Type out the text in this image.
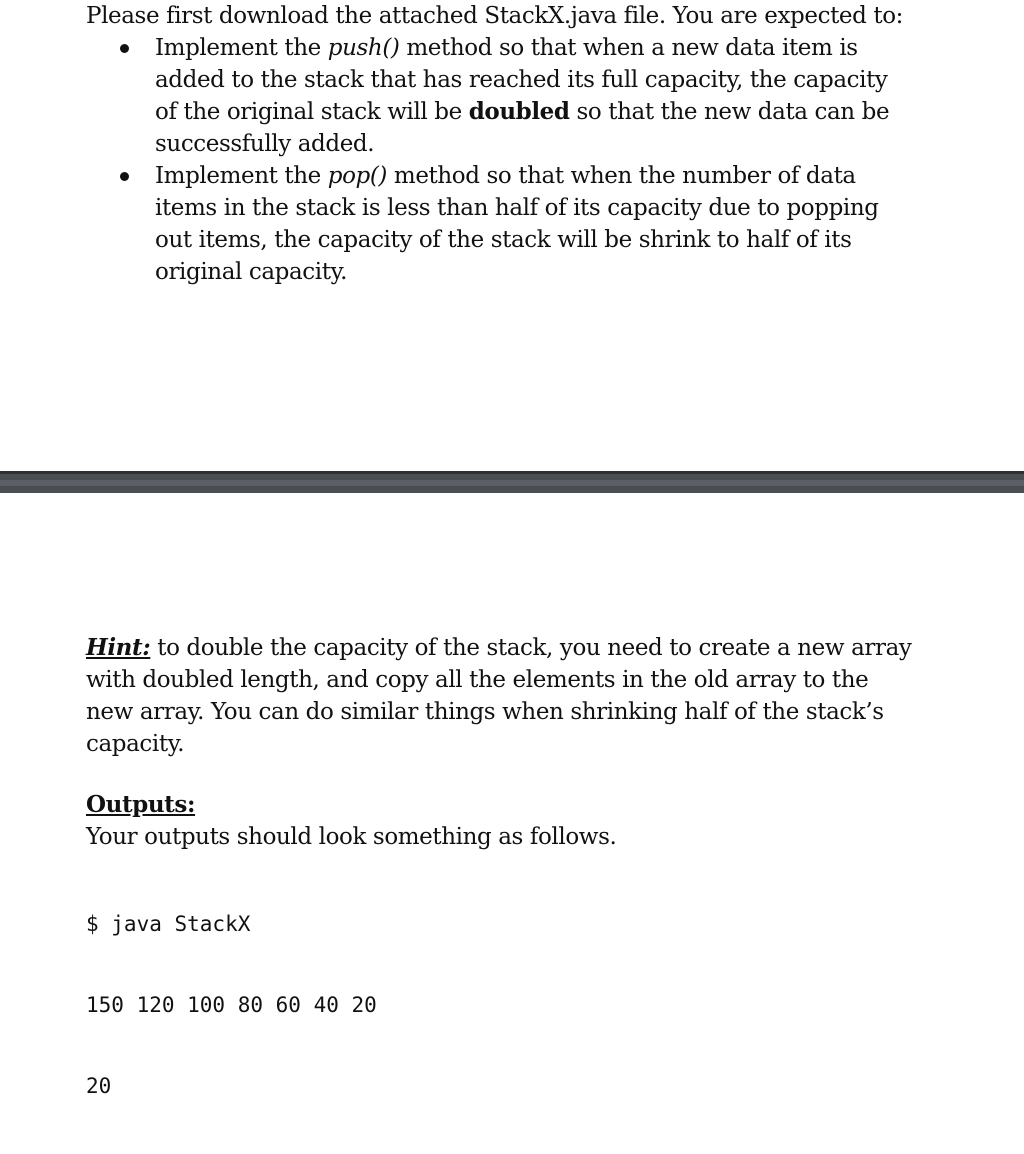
Please first download the attached StackX.java file. You are expected to:

Implement the push() method so that when a new data item is
added to the stack that has reached its full capacity, the capacity
of the original stack will be doubled so that the new data can be
successfully added.
Implement the pop() method so that when the number of data
items in the stack is less than half of its capacity due to popping
out items, the capacity of the stack will be shrink to half of its
original capacity.
Hint: to double the capacity of the stack, you need to create a new array
with doubled length, and copy all the elements in the old array to the
new array. You can do similar things when shrinking half of the stack’s
capacity.
Outputs:
Your outputs should look something as follows.

$ java StackX

150 120 100 80 60 40 20

20
